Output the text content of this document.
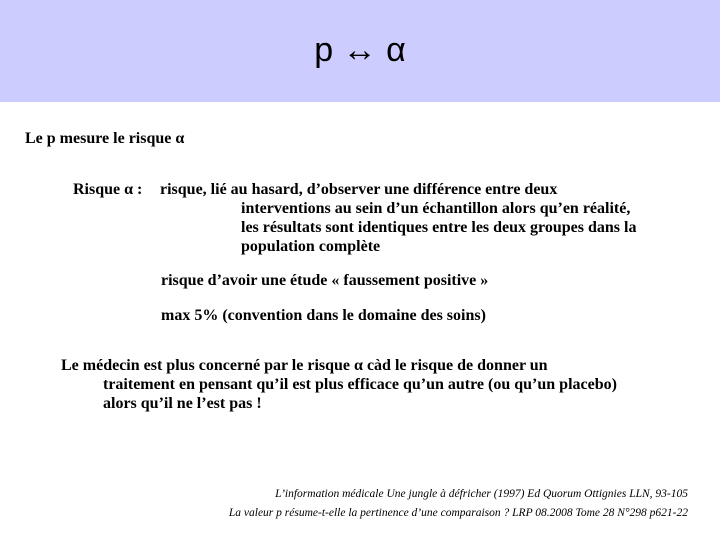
p ↔ α
Le p mesure le risque α
Risque α : risque, lié au hasard, d’observer une différence entre deux
interventions au sein d’un échantillon alors qu’en réalité,
les résultats sont identiques entre les deux groupes dans la
population complète
risque d’avoir une étude « faussement positive »
max 5% (convention dans le domaine des soins)
Le médecin est plus concerné par le risque α càd le risque de donner un
traitement en pensant qu’il est plus efficace qu’un autre (ou qu’un placebo)
alors qu’il ne l’est pas !
L’information médicale Une jungle à défricher (1997) Ed Quorum Ottignies LLN, 93-105
La valeur p résume-t-elle la pertinence d’une comparaison ? LRP 08.2008 Tome 28 N°298 p621-22
